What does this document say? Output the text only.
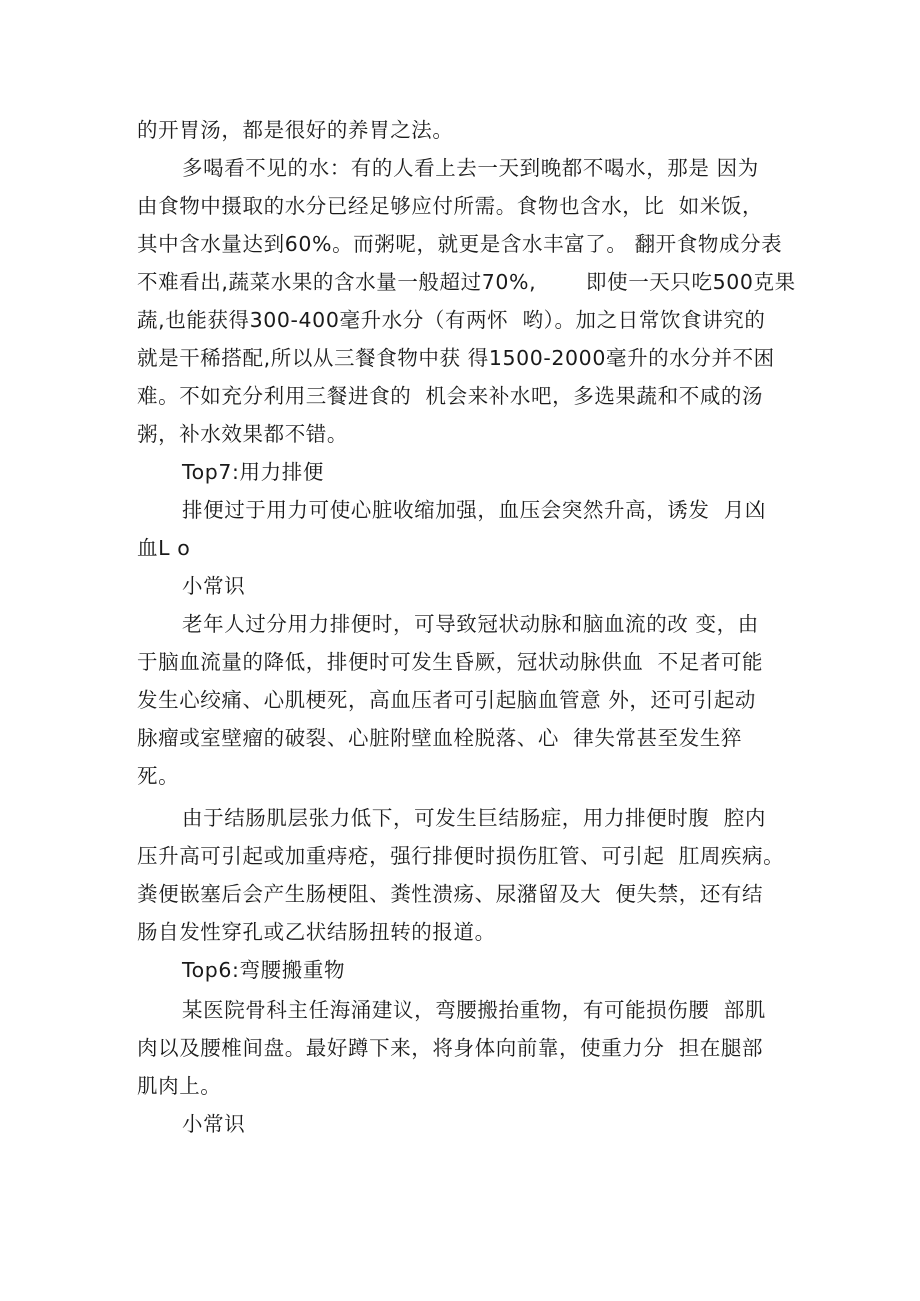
的开胃汤，都是很好的养胃之法。
多喝看不见的水：有的人看上去一天到晚都不喝水，那是 因为
由食物中摄取的水分已经足够应付所需。食物也含水，比  如米饭，
其中含水量达到60%。而粥呢，就更是含水丰富了。 翻开食物成分表
不难看出,蔬菜水果的含水量一般超过70%,       即使一天只吃500克果
蔬,也能获得300-400毫升水分（有两怀  哟）。加之日常饮食讲究的
就是干稀搭配,所以从三餐食物中获 得1500-2000毫升的水分并不困
难。不如充分利用三餐进食的  机会来补水吧，多选果蔬和不咸的汤
粥，补水效果都不错。
Top7:用力排便
排便过于用力可使心脏收缩加强，血压会突然升高，诱发  月凶
血L o
小常识
老年人过分用力排便时，可导致冠状动脉和脑血流的改 变，由
于脑血流量的降低，排便时可发生昏厥，冠状动脉供血  不足者可能
发生心绞痛、心肌梗死，高血压者可引起脑血管意 外，还可引起动
脉瘤或室壁瘤的破裂、心脏附壁血栓脱落、心  律失常甚至发生猝
死。
由于结肠肌层张力低下，可发生巨结肠症，用力排便时腹  腔内
压升高可引起或加重痔疮，强行排便时损伤肛管、可引起  肛周疾病。
粪便嵌塞后会产生肠梗阻、粪性溃疡、尿潴留及大  便失禁，还有结
肠自发性穿孔或乙状结肠扭转的报道。
Top6:弯腰搬重物
某医院骨科主任海涌建议，弯腰搬抬重物，有可能损伤腰  部肌
肉以及腰椎间盘。最好蹲下来，将身体向前靠，使重力分  担在腿部
肌肉上。
小常识
